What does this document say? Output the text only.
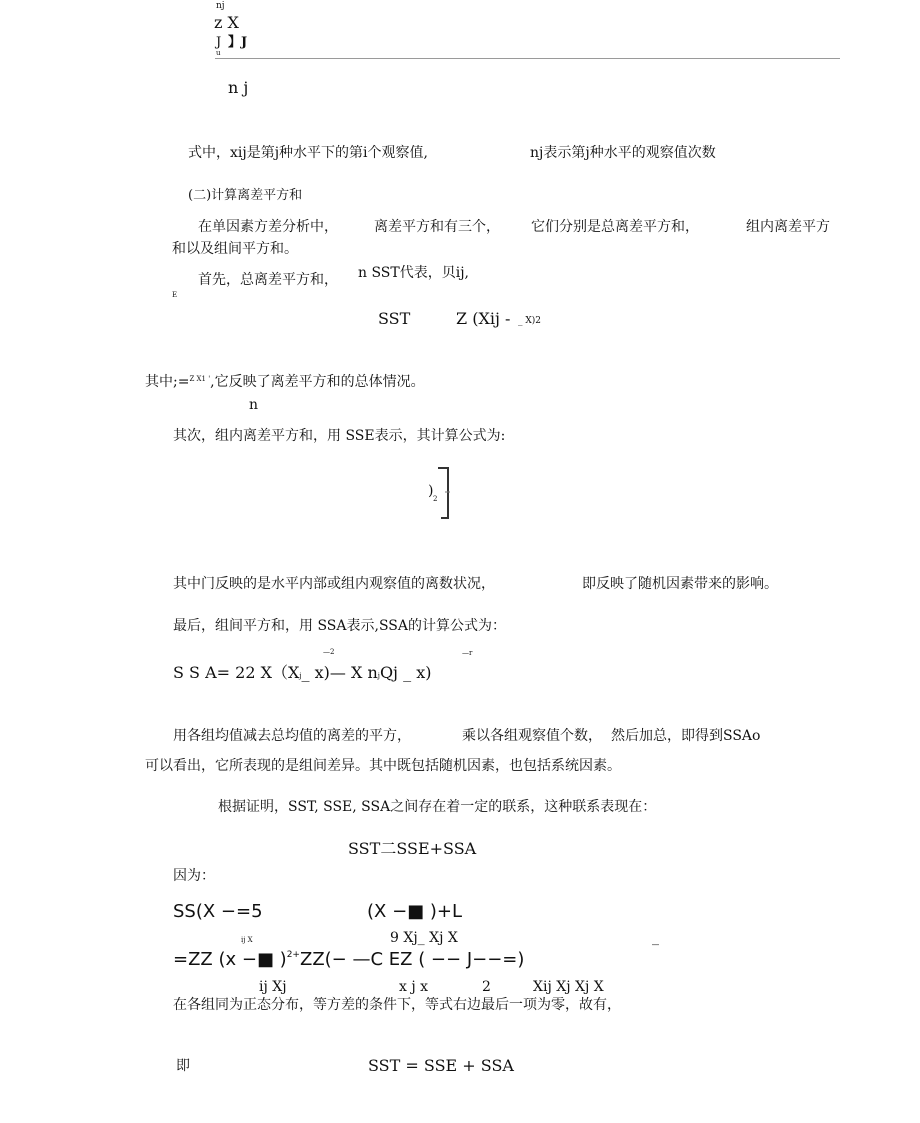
nj
z X
J 】J
u
n j
式中，xij是第j种水平下的第i个观察值,	nj表示第j种水平的观察值次数
(二)计算离差平方和
在单因素方差分析中，	离差平方和有三个， 它们分别是总离差平方和，	组内离差平方
和以及组间平方和。
首先，总离差平方和， n SST代表，贝ij,
E
SST	Z (Xij - _ X)2
其中;=$^{Z X1 '}$,它反映了离差平方和的总体情况。
n
其次，组内离差平方和，用 SSE表示，其计算公式为:
) 2
其中门反映的是水平内部或组内观察值的离数状况，	即反映了随机因素带来的影响。
最后，组间平方和，用 SSA表示,SSA的计算公式为：
—2	—r
S S A= 22 X（Xj_ x)— X njQj _ x)
用各组均值减去总均值的离差的平方，	乘以各组观察值个数， 然后加总，即得到SSAo
可以看出，它所表现的是组间差异。其中既包括随机因素，也包括系统因素。
根据证明，SST, SSE, SSA之间存在着一定的联系，这种联系表现在：
SST二SSE+SSA
因为：
SS(X −=5	(X −■ )+L
ij X	9 Xj_ Xj X	_
=ZZ (x −■ )$^{2+}$ZZ(− —C EZ ( −− J−−=)
ij Xj	x j x	2	Xij Xj Xj X
在各组同为正态分布，等方差的条件下，等式右边最后一项为零，故有，
即	SST = SSE + SSA
